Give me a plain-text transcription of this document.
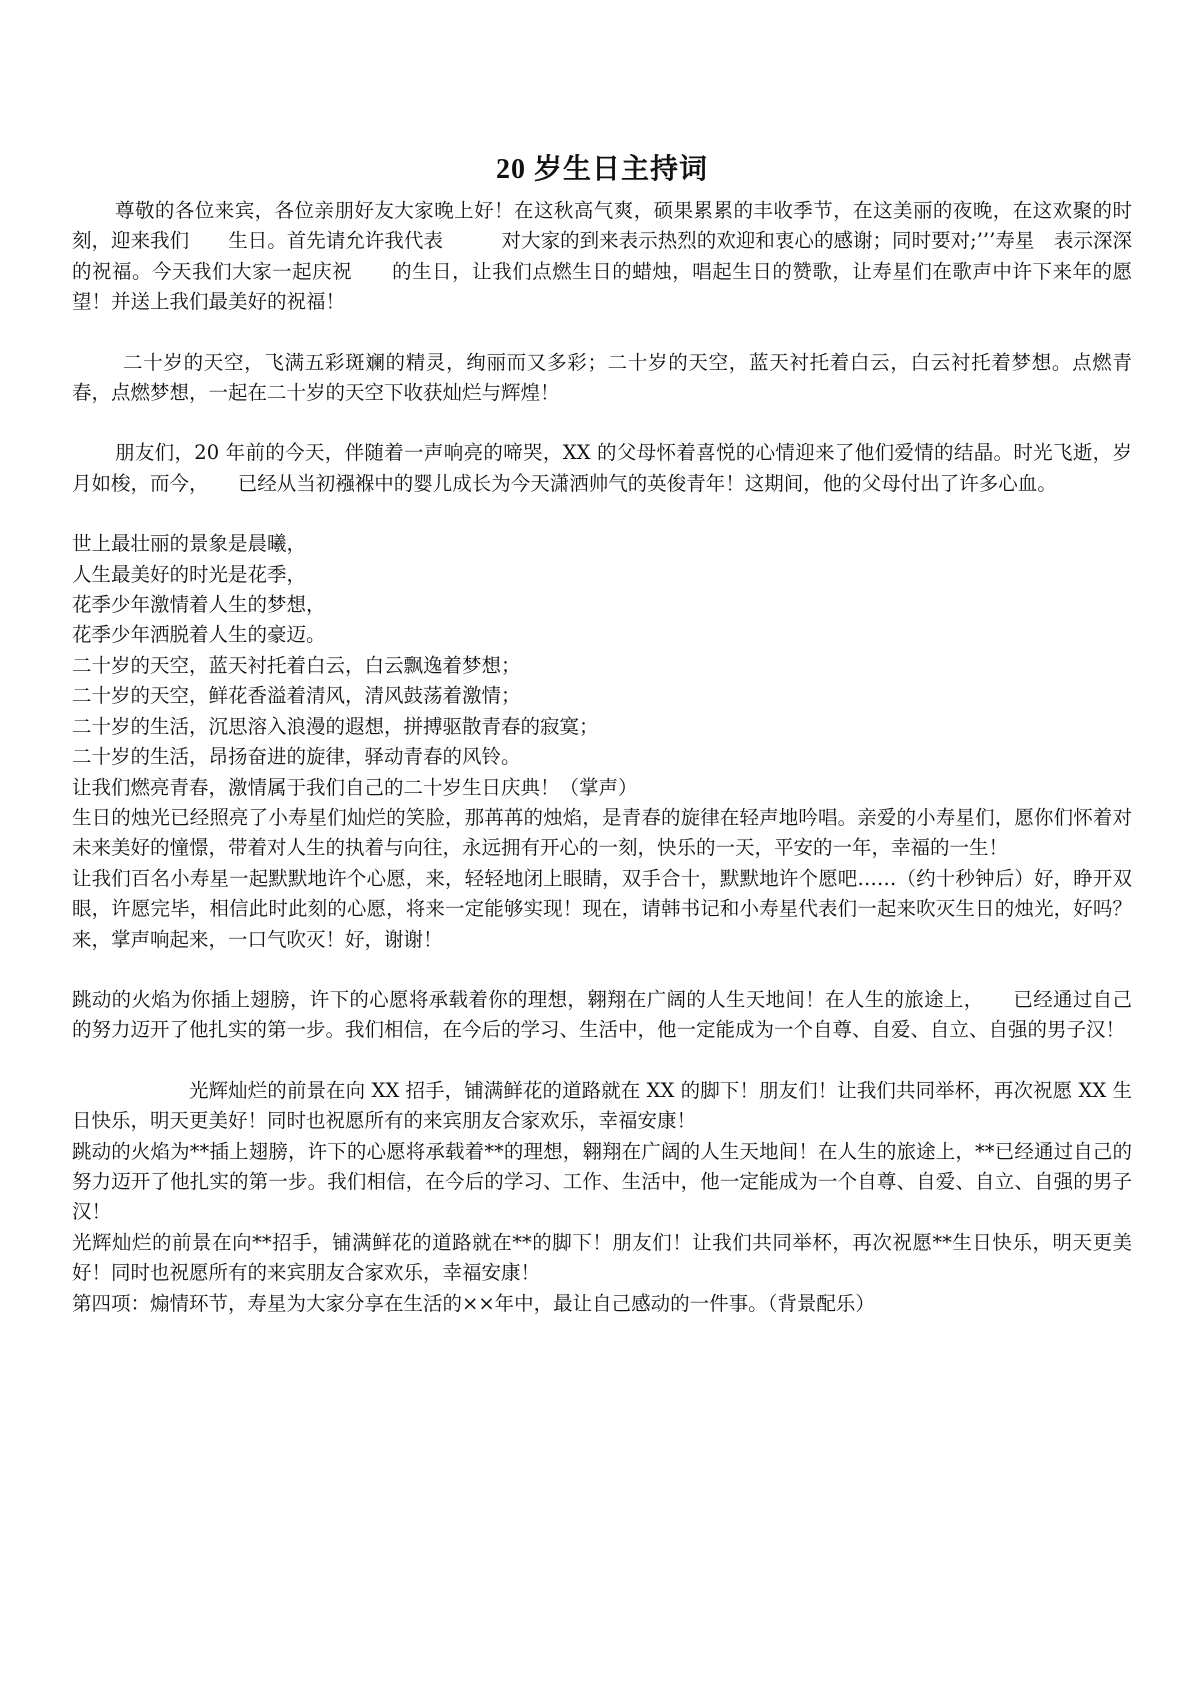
20 岁生日主持词

尊敬的各位来宾，各位亲朋好友大家晚上好！在这秋高气爽，硕果累累的丰收季节，在这美丽的夜晚，在这欢聚的时刻，迎来我们　　生日。首先请允许我代表　　　对大家的到来表示热烈的欢迎和衷心的感谢；同时要对;’’’寿星　表示深深的祝福。今天我们大家一起庆祝　　的生日，让我们点燃生日的蜡烛，唱起生日的赞歌，让寿星们在歌声中许下来年的愿望！并送上我们最美好的祝福！

二十岁的天空，飞满五彩斑斓的精灵，绚丽而又多彩；二十岁的天空，蓝天衬托着白云，白云衬托着梦想。点燃青春，点燃梦想，一起在二十岁的天空下收获灿烂与辉煌！

朋友们，20 年前的今天，伴随着一声响亮的啼哭，XX 的父母怀着喜悦的心情迎来了他们爱情的结晶。时光飞逝，岁月如梭，而今，　　已经从当初襁褓中的婴儿成长为今天潇洒帅气的英俊青年！这期间，他的父母付出了许多心血。

世上最壮丽的景象是晨曦，

人生最美好的时光是花季，

花季少年激情着人生的梦想，

花季少年洒脱着人生的豪迈。

二十岁的天空，蓝天衬托着白云，白云飘逸着梦想；

二十岁的天空，鲜花香溢着清风，清风鼓荡着激情；

二十岁的生活，沉思溶入浪漫的遐想，拼搏驱散青春的寂寞；

二十岁的生活，昂扬奋进的旋律，驿动青春的风铃。

让我们燃亮青春，激情属于我们自己的二十岁生日庆典！（掌声）

生日的烛光已经照亮了小寿星们灿烂的笑脸，那苒苒的烛焰，是青春的旋律在轻声地吟唱。亲爱的小寿星们，愿你们怀着对未来美好的憧憬，带着对人生的执着与向往，永远拥有开心的一刻，快乐的一天，平安的一年，幸福的一生！

让我们百名小寿星一起默默地许个心愿，来，轻轻地闭上眼睛，双手合十，默默地许个愿吧……（约十秒钟后）好，睁开双眼，许愿完毕，相信此时此刻的心愿，将来一定能够实现！现在，请韩书记和小寿星代表们一起来吹灭生日的烛光，好吗？来，掌声响起来，一口气吹灭！好，谢谢！

跳动的火焰为你插上翅膀，许下的心愿将承载着你的理想，翱翔在广阔的人生天地间！在人生的旅途上，　　已经通过自己的努力迈开了他扎实的第一步。我们相信，在今后的学习、生活中，他一定能成为一个自尊、自爱、自立、自强的男子汉！

光辉灿烂的前景在向 XX 招手，铺满鲜花的道路就在 XX 的脚下！朋友们！让我们共同举杯，再次祝愿 XX 生日快乐，明天更美好！同时也祝愿所有的来宾朋友合家欢乐，幸福安康！

跳动的火焰为**插上翅膀，许下的心愿将承载着**的理想，翱翔在广阔的人生天地间！在人生的旅途上，**已经通过自己的努力迈开了他扎实的第一步。我们相信，在今后的学习、工作、生活中，他一定能成为一个自尊、自爱、自立、自强的男子汉！

光辉灿烂的前景在向**招手，铺满鲜花的道路就在**的脚下！朋友们！让我们共同举杯，再次祝愿**生日快乐，明天更美好！同时也祝愿所有的来宾朋友合家欢乐，幸福安康！

第四项：煽情环节，寿星为大家分享在生活的××年中，最让自己感动的一件事。（背景配乐）
